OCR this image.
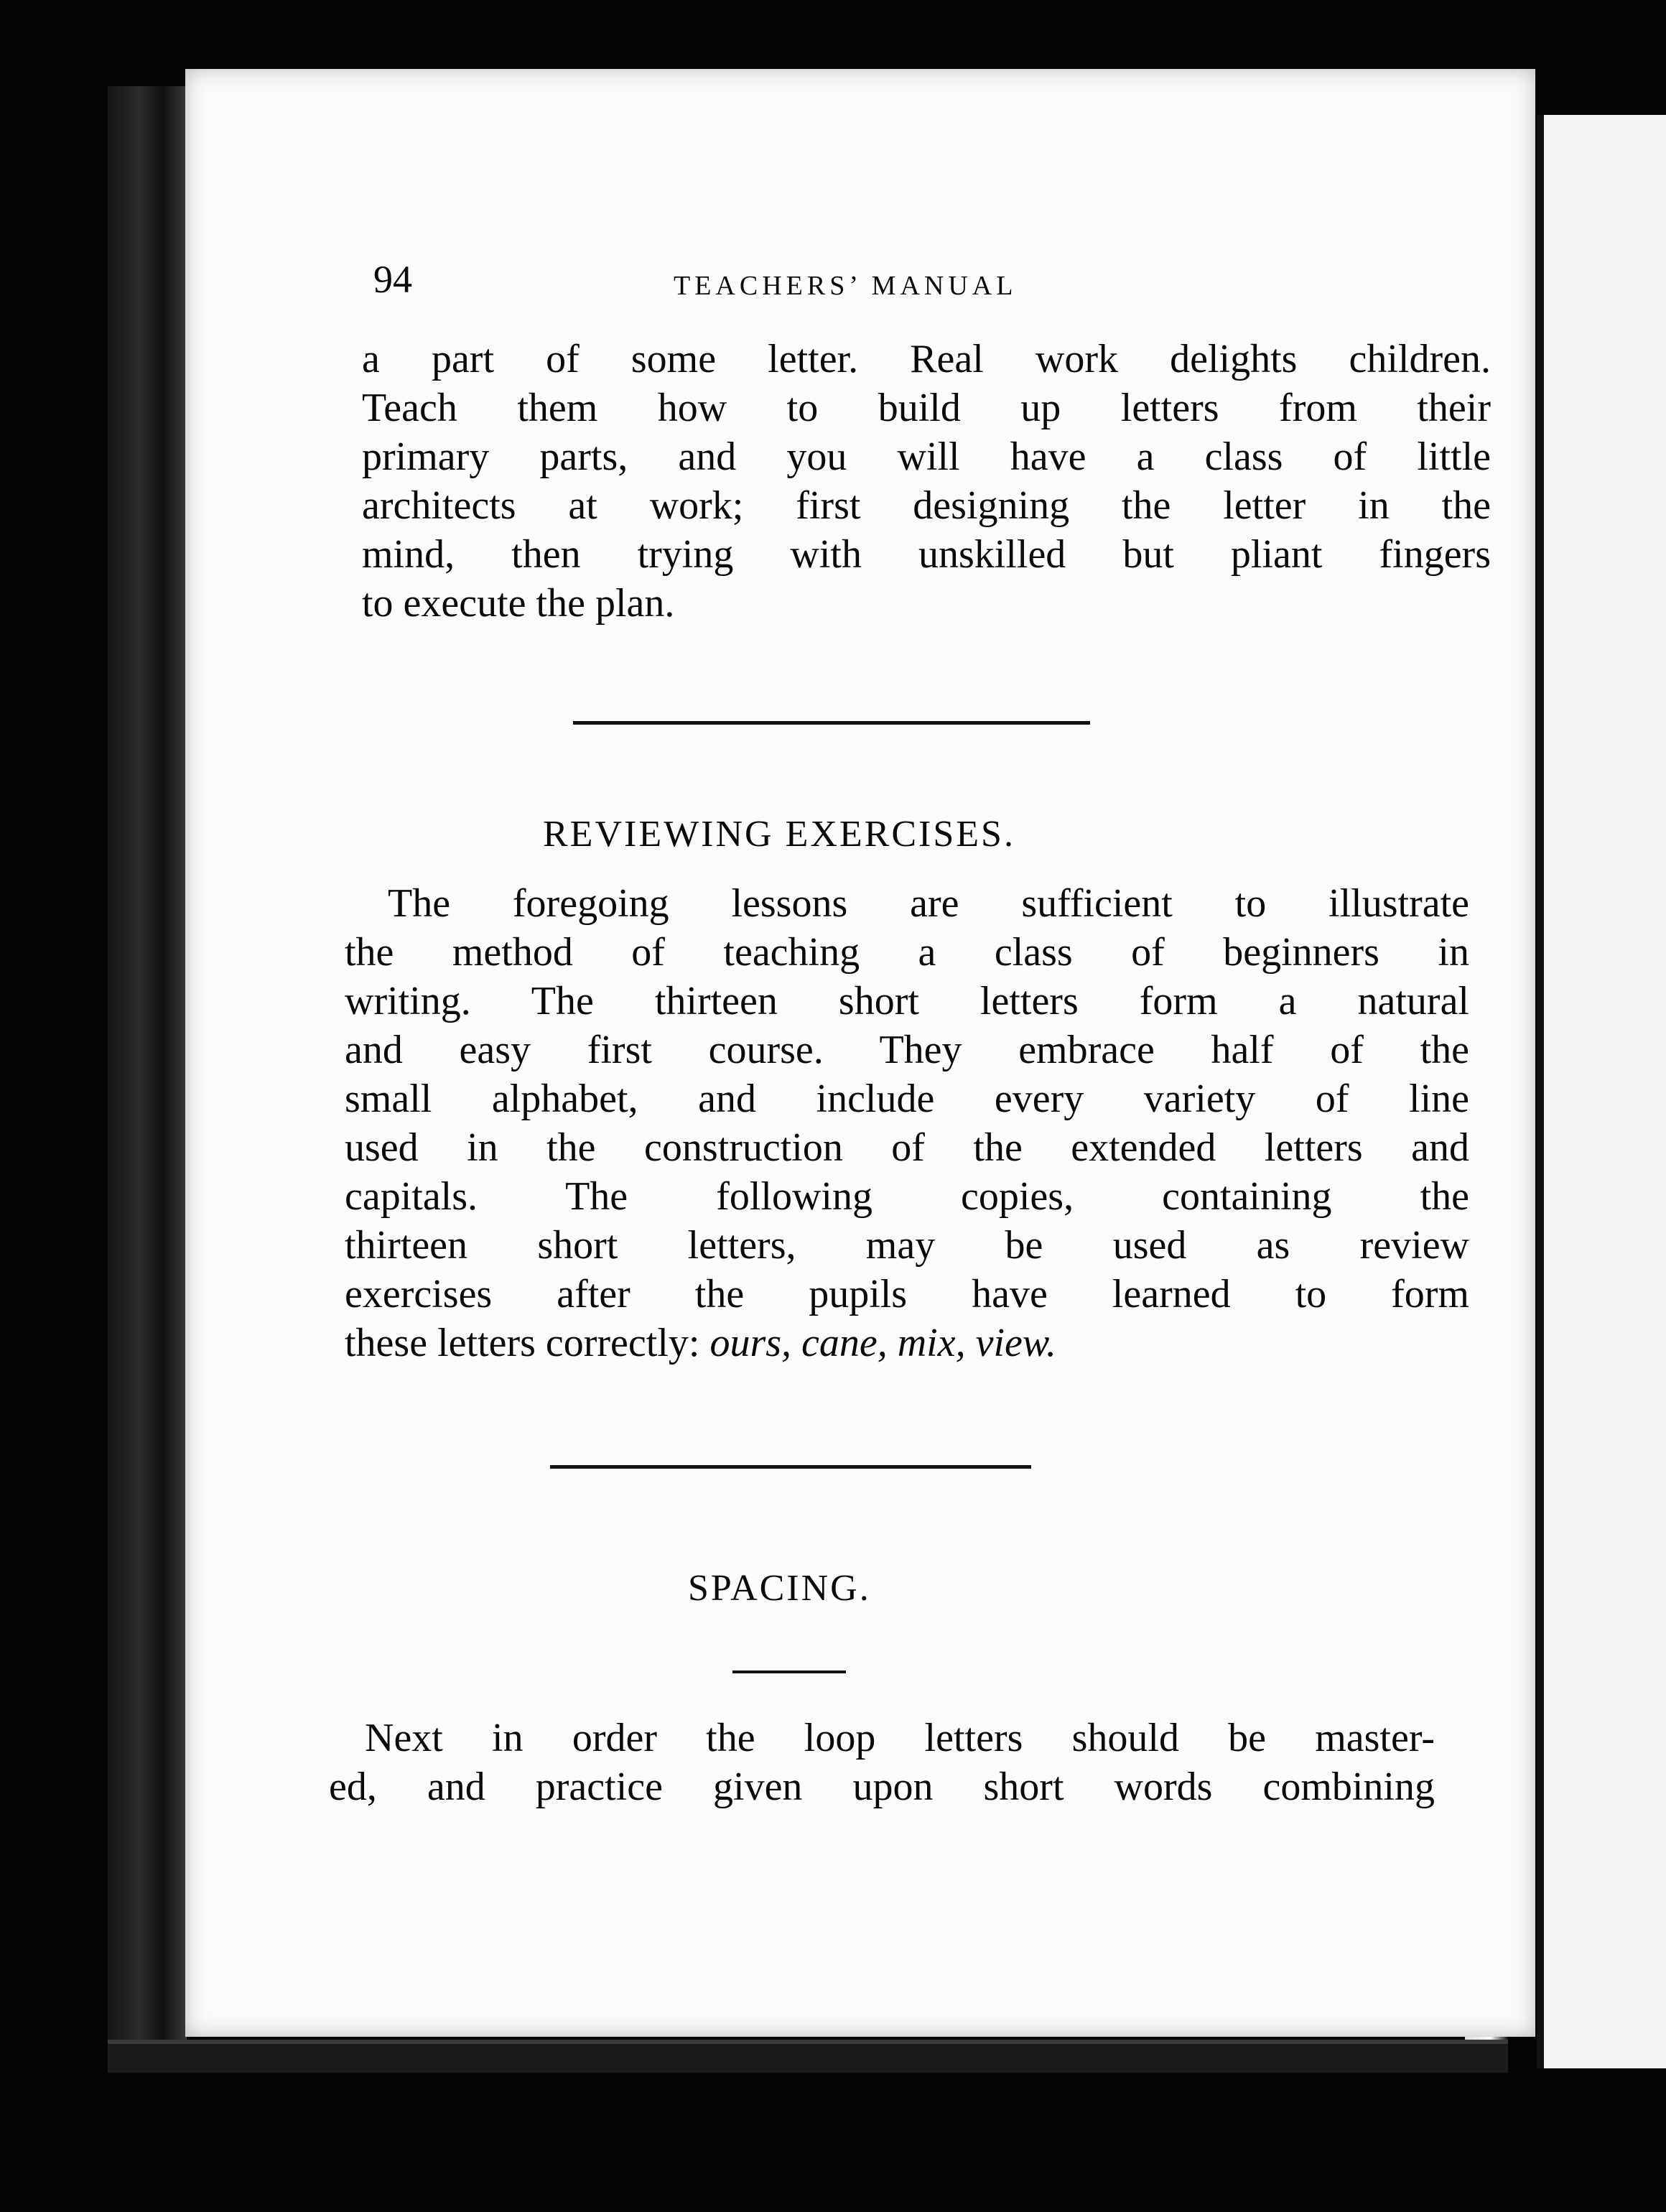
94	TEACHERS’ MANUAL

a part of some letter. Real work delights children.
Teach them how to build up letters from their
primary parts, and you will have a class of little
architects at work; first designing the letter in the
mind, then trying with unskilled but pliant fingers
to execute the plan.

REVIEWING EXERCISES.

The foregoing lessons are sufficient to illustrate
the method of teaching a class of beginners in
writing. The thirteen short letters form a natural
and easy first course. They embrace half of the
small alphabet, and include every variety of line
used in the construction of the extended letters and
capitals. The following copies, containing the
thirteen short letters, may be used as review
exercises after the pupils have learned to form
these letters correctly: ours, cane, mix, view.

SPACING.

Next in order the loop letters should be master-
ed, and practice given upon short words combining
